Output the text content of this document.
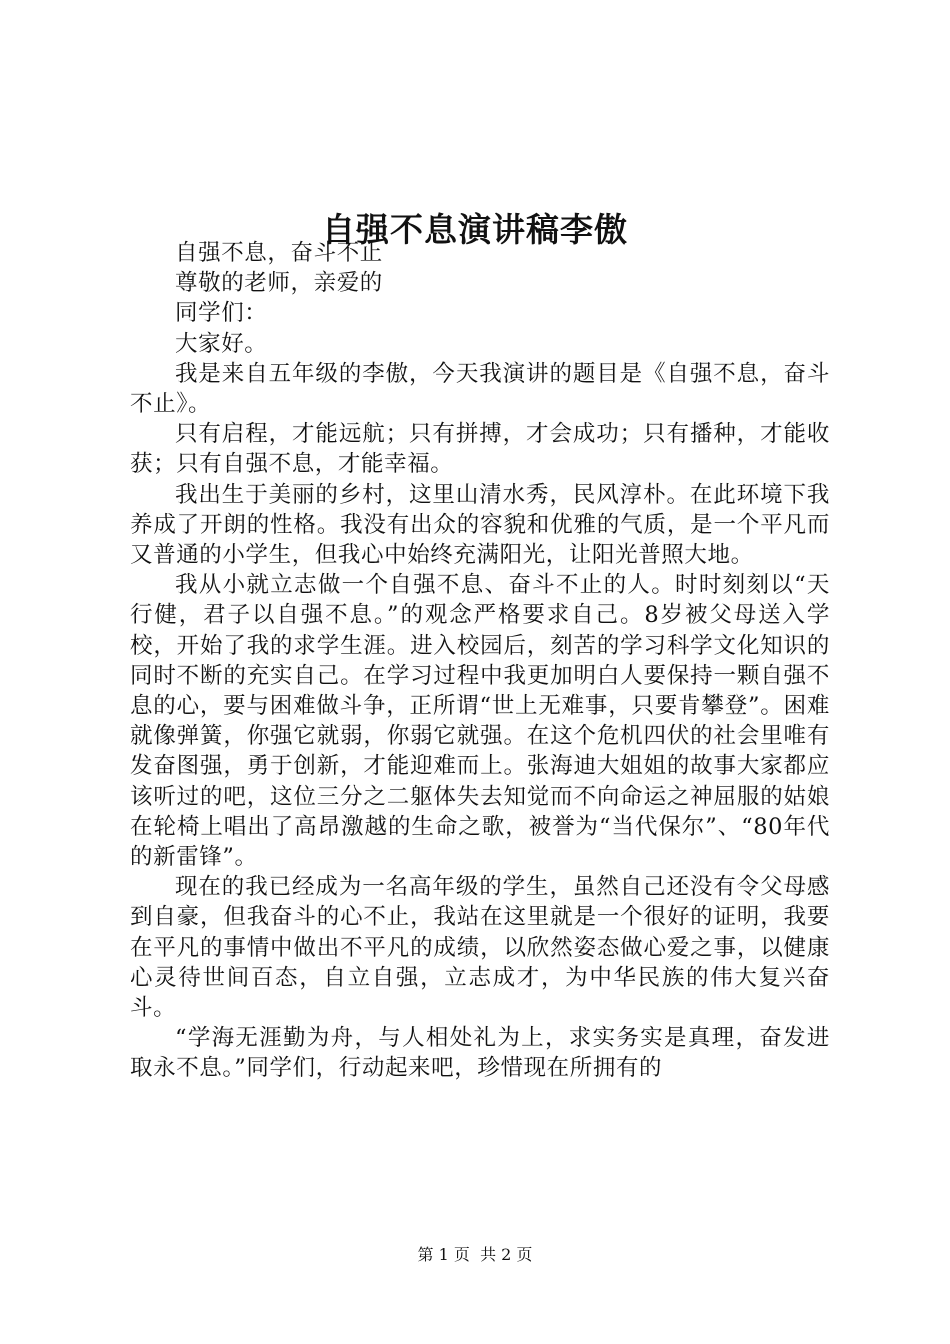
自强不息演讲稿李傲

自强不息，奋斗不止

尊敬的老师，亲爱的

同学们：

大家好。

我是来自五年级的李傲，今天我演讲的题目是《自强不息，奋斗不止》。

只有启程，才能远航；只有拼搏，才会成功；只有播种，才能收获；只有自强不息，才能幸福。

我出生于美丽的乡村，这里山清水秀，民风淳朴。在此环境下我养成了开朗的性格。我没有出众的容貌和优雅的气质，是一个平凡而又普通的小学生，但我心中始终充满阳光，让阳光普照大地。

我从小就立志做一个自强不息、奋斗不止的人。时时刻刻以“天行健，君子以自强不息。”的观念严格要求自己。8岁被父母送入学校，开始了我的求学生涯。进入校园后，刻苦的学习科学文化知识的同时不断的充实自己。在学习过程中我更加明白人要保持一颗自强不息的心，要与困难做斗争，正所谓“世上无难事，只要肯攀登”。困难就像弹簧，你强它就弱，你弱它就强。在这个危机四伏的社会里唯有发奋图强，勇于创新，才能迎难而上。张海迪大姐姐的故事大家都应该听过的吧，这位三分之二躯体失去知觉而不向命运之神屈服的姑娘在轮椅上唱出了高昂激越的生命之歌，被誉为“当代保尔”、“80年代的新雷锋”。

现在的我已经成为一名高年级的学生，虽然自己还没有令父母感到自豪，但我奋斗的心不止，我站在这里就是一个很好的证明，我要在平凡的事情中做出不平凡的成绩，以欣然姿态做心爱之事，以健康心灵待世间百态，自立自强，立志成才，为中华民族的伟大复兴奋斗。

“学海无涯勤为舟，与人相处礼为上，求实务实是真理，奋发进取永不息。”同学们，行动起来吧，珍惜现在所拥有的

第 1 页  共 2 页
